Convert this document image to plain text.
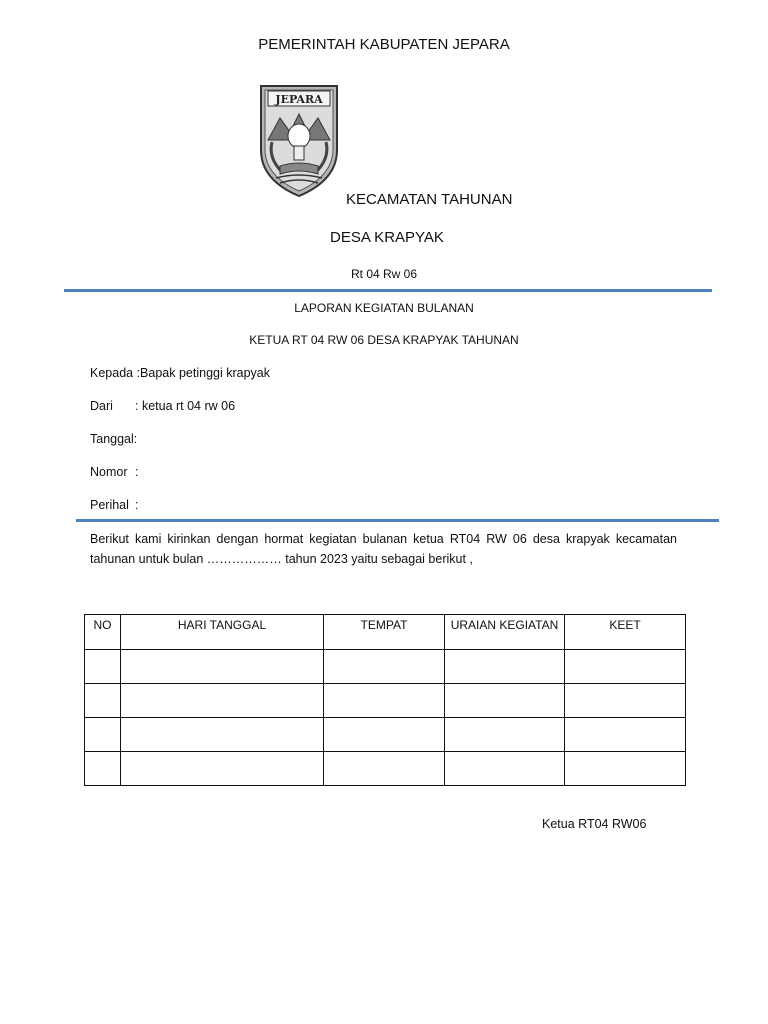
PEMERINTAH KABUPATEN JEPARA
JEPARA
KECAMATAN TAHUNAN
DESA KRAPYAK
Rt 04 Rw 06
LAPORAN KEGIATAN BULANAN
KETUA RT 04 RW 06 DESA KRAPYAK TAHUNAN
Kepada :Bapak petinggi krapyak
Dari : ketua rt 04 rw 06
Tanggal:
Nomor :
Perihal :
Berikut kami kirinkan dengan hormat kegiatan bulanan ketua RT04 RW 06 desa krapyak kecamatan tahunan untuk bulan ……………… tahun 2023 yaitu sebagai berikut ,
NO	HARI TANGGAL	TEMPAT	URAIAN KEGIATAN	KEET

Ketua RT04 RW06
